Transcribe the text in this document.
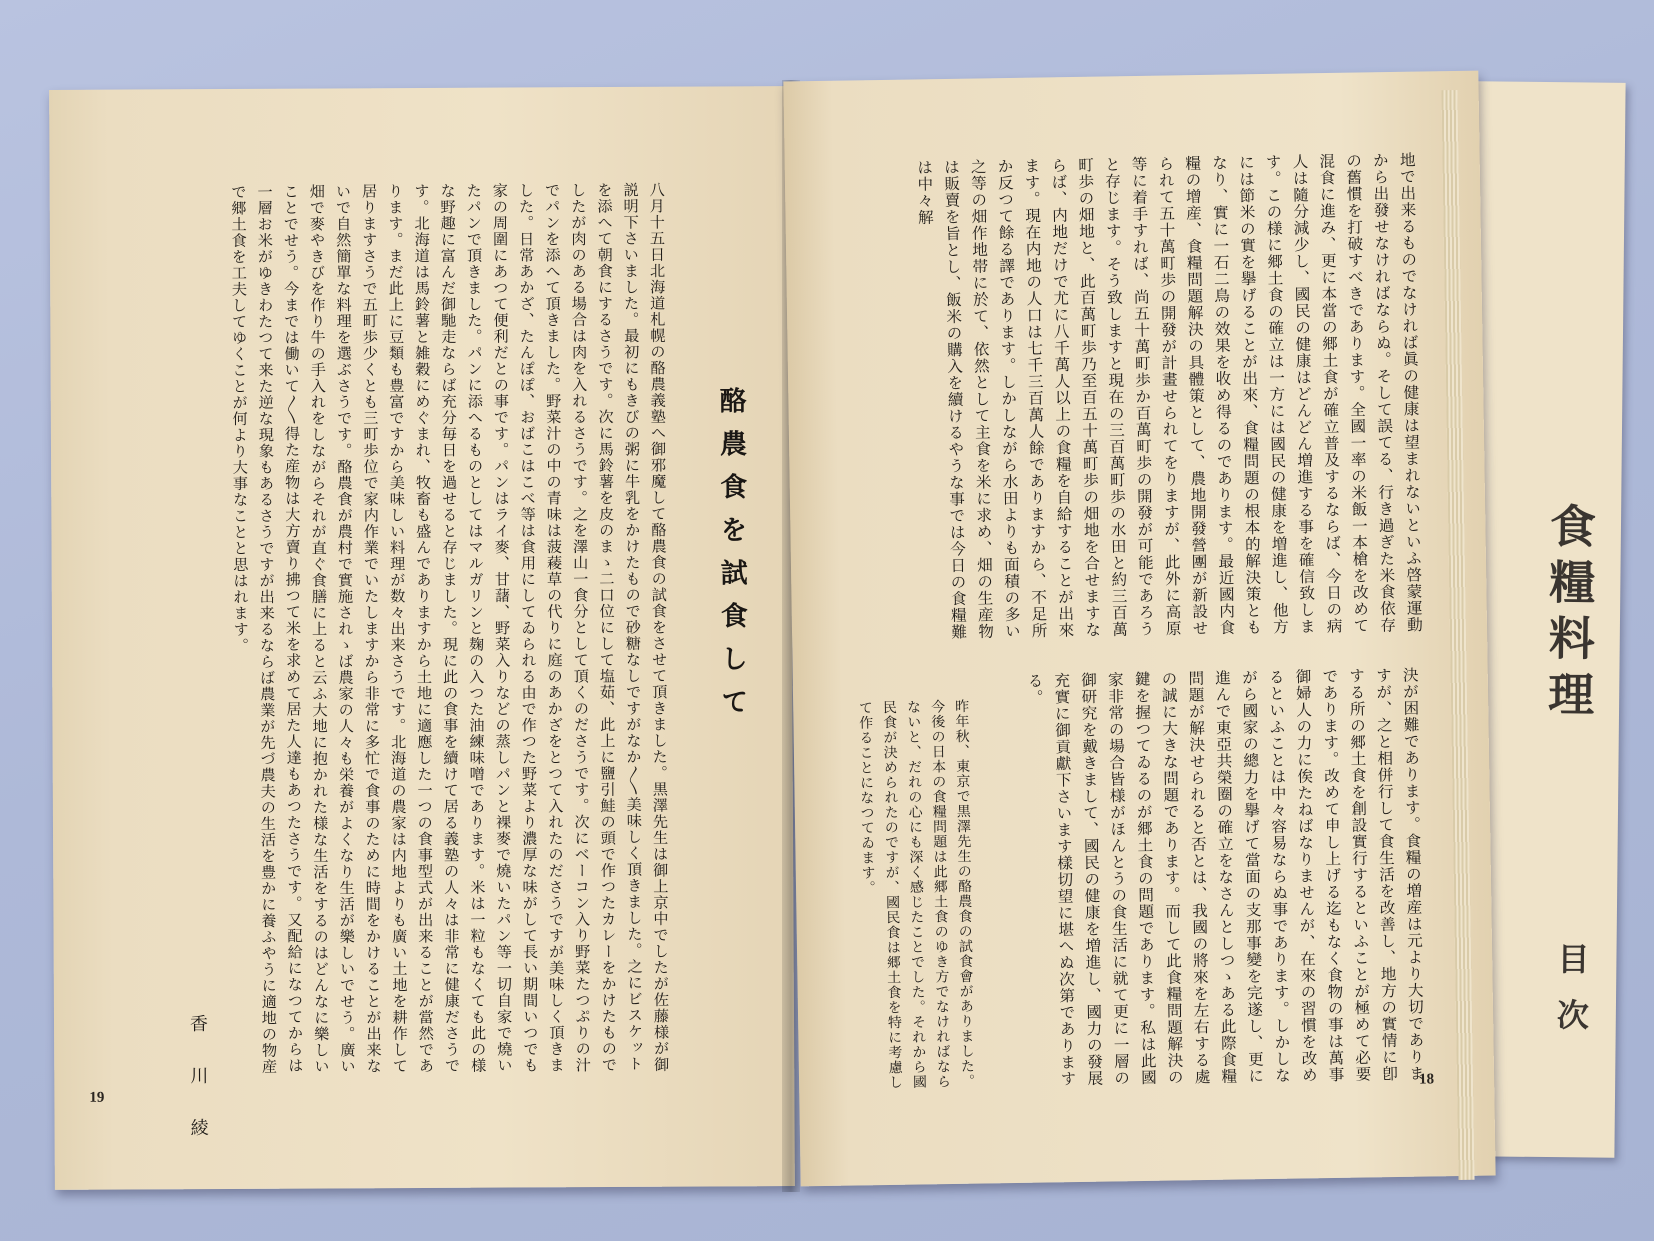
食糧料理
目次
酪農食を試食して
八月十五日北海道札幌の酪農義塾へ御邪魔して酪農食の試食をさせて頂きました。黒澤先生は御上京中でしたが佐藤様が御説明下さいました。最初にもきびの粥に牛乳をかけたもので砂糖なしですがなか〳〵美味しく頂きました。之にビスケットを添へて朝食にするさうです。次に馬鈴薯を皮のまゝ二口位にして塩茹、此上に鹽引鮭の頭で作つたカレーをかけたものでしたが肉のある場合は肉を入れるさうです。之を澤山一食分として頂くのださうです。次にベーコン入り野菜たつぷりの汁でパンを添へて頂きました。野菜汁の中の青味は菠薐草の代りに庭のあかざをとつて入れたのださうですが美味しく頂きました。日常あかざ、たんぽぽ、おばこはこべ等は食用にしてゐられる由で作つた野菜より濃厚な味がして長い期間いつでも家の周圍にあつて便利だとの事です。パンはライ麥、甘藷、野菜入りなどの蒸しパンと裸麥で燒いたパン等一切自家で燒いたパンで頂きました。パンに添へるものとしてはマルガリンと麹の入つた油練味噌であります。米は一粒もなくても此の様な野趣に富んだ御馳走ならば充分毎日を過せると存じました。現に此の食事を續けて居る義塾の人々は非常に健康ださうです。北海道は馬鈴薯と雑穀にめぐまれ、牧畜も盛んでありますから土地に適應した一つの食事型式が出来ることが當然であります。まだ此上に豆類も豊富ですから美味しい料理が数々出来さうです。北海道の農家は内地よりも廣い土地を耕作して居りますさうで五町歩少くとも三町歩位で家内作業でいたしますから非常に多忙で食事のために時間をかけることが出来ないで自然簡單な料理を選ぶさうです。酪農食が農村で實施されゝば農家の人々も栄養がよくなり生活が樂しいでせう。廣い畑で麥やきびを作り牛の手入れをしながらそれが直ぐ食膳に上ると云ふ大地に抱かれた様な生活をするのはどんなに樂しいことでせう。今までは働いて〳〵得た産物は大方賣り拂つて米を求めて居た人達もあつたさうです。又配給になつてからは一層お米がゆきわたつて来た逆な現象もあるさうですが出来るならば農業が先づ農夫の生活を豊かに養ふやうに適地の物産で郷土食を工夫してゆくことが何より大事なことと思はれます。
香川綾
19
地で出来るものでなければ眞の健康は望まれないといふ啓蒙運動から出發せなければならぬ。そして誤てる、行き過ぎた米食依存の舊慣を打破すべきであります。全國一率の米飯一本槍を改めて混食に進み、更に本當の郷土食が確立普及するならば、今日の病人は隨分減少し、國民の健康はどんどん増進する事を確信致します。この様に郷土食の確立は一方には國民の健康を増進し、他方には節米の實を擧げることが出來、食糧問題の根本的解決策ともなり、實に一石二鳥の效果を收め得るのであります。最近國内食糧の增産、食糧問題解決の具體策として、農地開發營團が新設せられて五十萬町歩の開發が計畫せられてをりますが、此外に高原等に着手すれば、尚五十萬町歩か百萬町歩の開發が可能であろうと存じます。そう致しますと現在の三百萬町歩の水田と約三百萬町歩の畑地と、此百萬町歩乃至百五十萬町歩の畑地を合せますならば、内地だけで尤に八千萬人以上の食糧を自給することが出來ます。現在内地の人口は七千三百萬人餘でありますから、不足所か反つて餘る譯であります。しかしながら水田よりも面積の多い之等の畑作地帯に於て、依然として主食を米に求め、畑の生産物は販賣を旨とし、飯米の購入を續けるやうな事では今日の食糧難は中々解
決が困難であります。食糧の増産は元より大切でありますが、之と相併行して食生活を改善し、地方の實情に卽する所の郷土食を創設實行するといふことが極めて必要であります。改めて申し上げる迄もなく食物の事は萬事御婦人の力に俟たねばなりませんが、在來の習慣を改めるといふことは中々容易ならぬ事であります。しかしながら國家の總力を擧げて當面の支那事變を完遂し、更に進んで東亞共榮圈の確立をなさんとしつゝある此際食糧問題が解決せられると否とは、我國の將來を左右する處の誠に大きな問題であります。而して此食糧問題解決の鍵を握つてゐるのが郷土食の問題であります。私は此國家非常の場合皆様がほんとうの食生活に就て更に一層の御研究を戴きまして、國民の健康を増進し、國力の發展充實に御貢獻下さいます樣切望に堪へぬ次第でありまする。
昨年秋、東京で黒澤先生の酪農食の試食會がありました。今後の日本の食糧問題は此郷土食のゆき方でなければならないと、だれの心にも深く感じたことでした。それから國民食が決められたのですが、國民食は郷土食を特に考慮して作ることになつてゐます。
18
